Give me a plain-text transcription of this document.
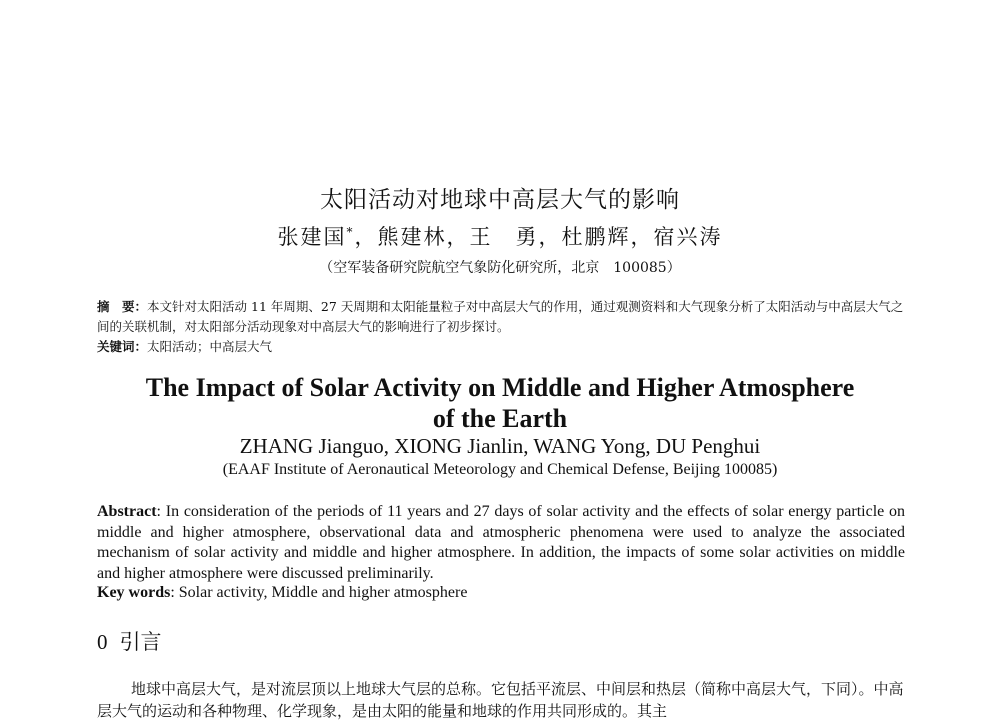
太阳活动对地球中高层大气的影响
张建国*，熊建林，王　勇，杜鹏辉，宿兴涛
（空军装备研究院航空气象防化研究所，北京　100085）
摘　要：本文针对太阳活动 11 年周期、27 天周期和太阳能量粒子对中高层大气的作用，通过观测资料和大气现象分析了太阳活动与中高层大气之间的关联机制，对太阳部分活动现象对中高层大气的影响进行了初步探讨。
关键词：太阳活动；中高层大气
The Impact of Solar Activity on Middle and Higher Atmosphere
of the Earth
ZHANG Jianguo, XIONG Jianlin, WANG Yong, DU Penghui
(EAAF Institute of Aeronautical Meteorology and Chemical Defense, Beijing 100085)
Abstract: In consideration of the periods of 11 years and 27 days of solar activity and the effects of solar energy particle on middle and higher atmosphere, observational data and atmospheric phenomena were used to analyze the associated mechanism of solar activity and middle and higher atmosphere. In addition, the impacts of some solar activities on middle and higher atmosphere were discussed preliminarily.
Key words: Solar activity, Middle and higher atmosphere
0 引言
地球中高层大气，是对流层顶以上地球大气层的总称。它包括平流层、中间层和热层（简称中高层大气，下同）。中高层大气的运动和各种物理、化学现象，是由太阳的能量和地球的作用共同形成的。其主
